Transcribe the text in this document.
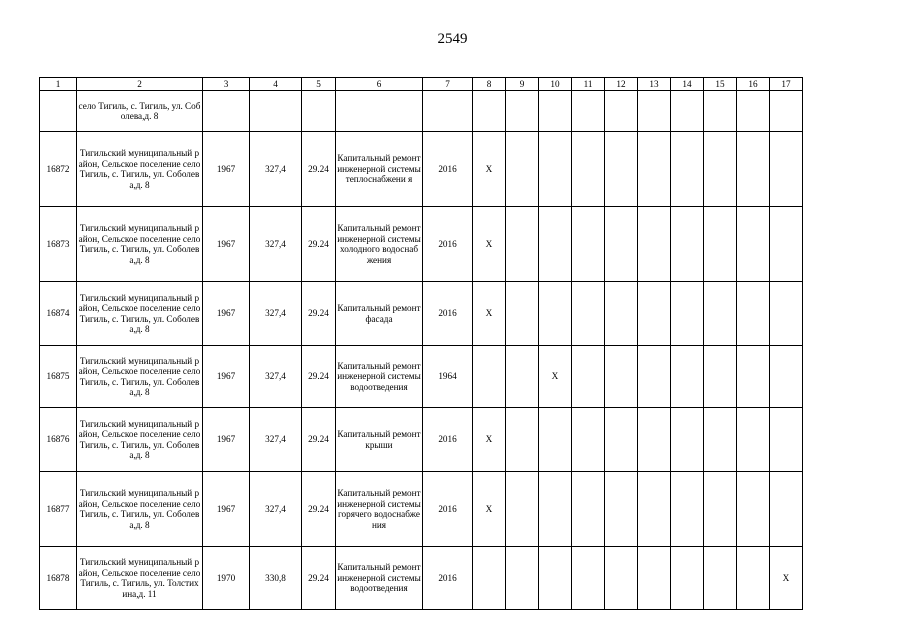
2549
1	2	3	4	5	6	7	8	9	10	11	12	13	14	15	16	17
	село Тигиль, с. Тигиль, ул. Соболева,д. 8															
16872	Тигильский муниципальный район, Сельское поселение село Тигиль, с. Тигиль, ул. Соболева,д. 8	1967	327,4	29.24	Капитальный ремонт инженерной системы теплоснабжени я	2016	X									
16873	Тигильский муниципальный район, Сельское поселение село Тигиль, с. Тигиль, ул. Соболева,д. 8	1967	327,4	29.24	Капитальный ремонт инженерной системы холодного водоснабжения	2016	X									
16874	Тигильский муниципальный район, Сельское поселение село Тигиль, с. Тигиль, ул. Соболева,д. 8	1967	327,4	29.24	Капитальный ремонт фасада	2016	X									
16875	Тигильский муниципальный район, Сельское поселение село Тигиль, с. Тигиль, ул. Соболева,д. 8	1967	327,4	29.24	Капитальный ремонт инженерной системы водоотведения	1964			X							
16876	Тигильский муниципальный район, Сельское поселение село Тигиль, с. Тигиль, ул. Соболева,д. 8	1967	327,4	29.24	Капитальный ремонт крыши	2016	X									
16877	Тигильский муниципальный район, Сельское поселение село Тигиль, с. Тигиль, ул. Соболева,д. 8	1967	327,4	29.24	Капитальный ремонт инженерной системы горячего водоснабжения	2016	X									
16878	Тигильский муниципальный район, Сельское поселение село Тигиль, с. Тигиль, ул. Толстихина,д. 11	1970	330,8	29.24	Капитальный ремонт инженерной системы водоотведения	2016										X
